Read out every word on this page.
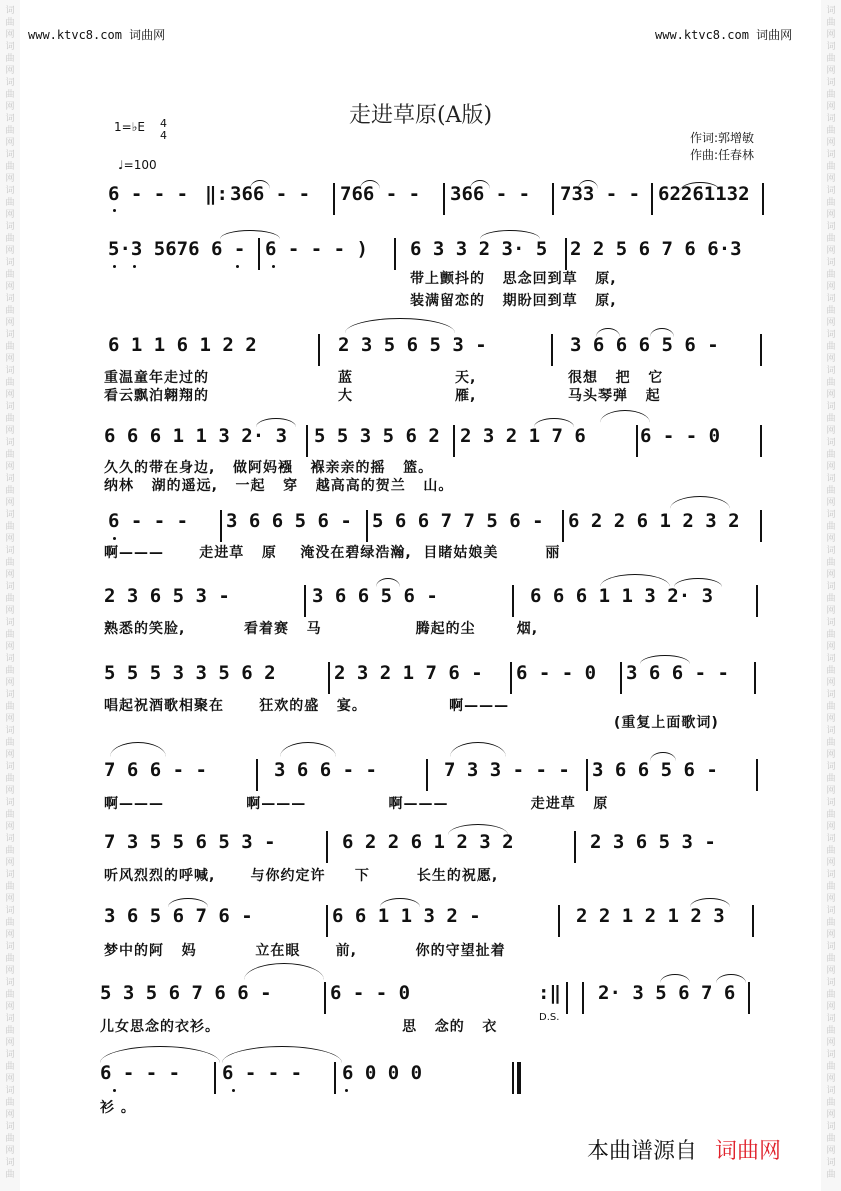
词
曲
网
词
曲
网
词
曲
网
词
曲
网
词
曲
网
词
曲
网
词
曲
网
词
曲
网
词
曲
网
词
曲
网
词
曲
网
词
曲
网
词
曲
网
词
曲
网
词
曲
网
词
曲
网
词
曲
网
词
曲
网
词
曲
网
词
曲
网
词
曲
网
词
曲
网
词
曲
网
词
曲
网
词
曲
网
词
曲
网
词
曲
网
词
曲
网
词
曲
网
词
曲
网
词
曲
网
词
曲
网
词
曲
词
曲
网
词
曲
网
词
曲
网
词
曲
网
词
曲
网
词
曲
网
词
曲
网
词
曲
网
词
曲
网
词
曲
网
词
曲
网
词
曲
网
词
曲
网
词
曲
网
词
曲
网
词
曲
网
词
曲
网
词
曲
网
词
曲
网
词
曲
网
词
曲
网
词
曲
网
词
曲
网
词
曲
网
词
曲
网
词
曲
网
词
曲
网
词
曲
网
词
曲
网
词
曲
网
词
曲
网
词
曲
网
词
曲
www.ktvc8.com 词曲网	www.ktvc8.com 词曲网
走进草原(A版)
1=♭E 4
4
♩=100
作词:郭增敏
作曲:任春林
6 - - - ‖: 366 - - 766 - - 366 - - 733 - - 62261132
5·3 5676 6 - 6 - - - ) 6 3 3 2 3· 5 2 2 5 6 7 6 6·3
带上颤抖的   思念回到草   原,
装满留恋的   期盼回到草   原,
6 1 1 6 1 2 2	2 3 5 6 5 3 -	3 6 6 6 5 6 -
重温童年走过的	蓝	天,	很想   把   它
看云飘泊翱翔的	大	雁,	马头琴弹   起
6 6 6 1 1 3 2· 3 5 5 3 5 6 2 2 3 2 1 7 6	6 - - 0
久久的带在身边,   做阿妈襁   褓亲亲的摇   篮。
纳林   湖的遥远,   一起   穿   越高高的贺兰   山。
6 - - - 3 6 6 5 6 - 5 6 6 7 7 5 6 - 6 2 2 6 1 2 3 2
啊———      走进草   原    淹没在碧绿浩瀚,  目睹姑娘美        丽
2 3 6 5 3 -	3 6 6 5 6 -	6 6 6 1 1 3 2· 3
熟悉的笑脸,          看着赛   马                腾起的尘       烟,
5 5 5 3 3 5 6 2	2 3 2 1 7 6 - 6 - - 0 3 6 6 - -
唱起祝酒歌相聚在      狂欢的盛   宴。              啊———
(重复上面歌词)
7 6 6 - -	3 6 6 - -	7 3 3 - - - 3 6 6 5 6 -
啊———              啊———              啊———              走进草   原
7 3 5 5 6 5 3 -	6 2 2 6 1 2 3 2	2 3 6 5 3 -
听风烈烈的呼喊,      与你约定许     下        长生的祝愿,
3 6 5 6 7 6 -	6 6 1 1 3 2 -	2 2 1 2 1 2 3
梦中的阿   妈          立在眼      前,          你的守望扯着
5 3 5 6 7 6 6 -	6 - - 0	:‖ 2· 3 5 6 7 6
D.S.
儿女思念的衣衫。                               思   念的   衣
6 - - - 6 - - - 6 0 0 0
衫 。
本曲谱源自 词曲网
